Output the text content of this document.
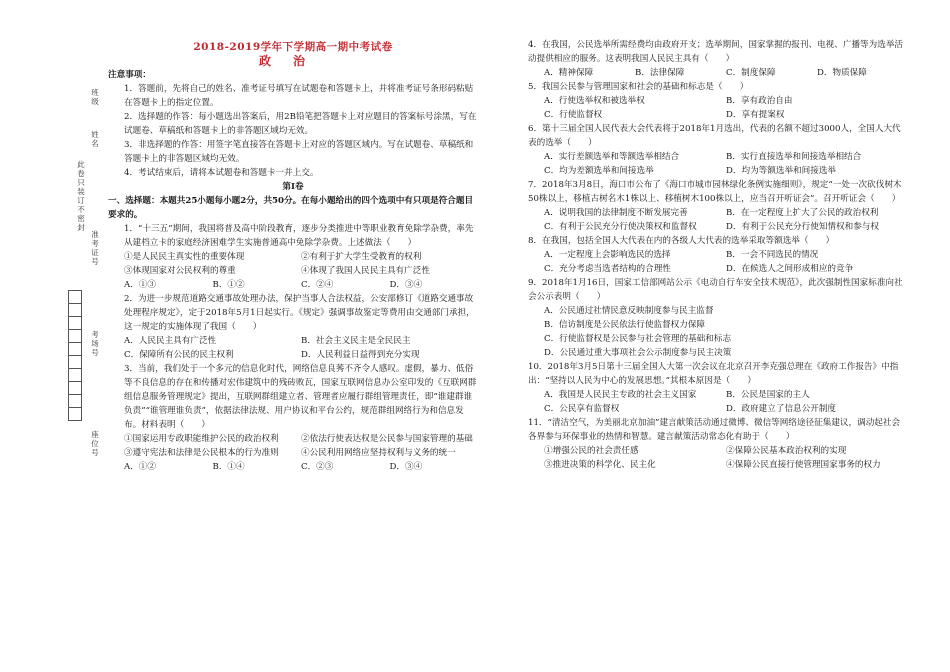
班级
姓名
此卷只装订不密封
准考证号
考场号
座位号

2018-2019学年下学期高一期中考试卷

政治

注意事项：

1．答题前，先将自己的姓名、准考证号填写在试题卷和答题卡上，并将准考证号条形码粘贴在答题卡上的指定位置。

2．选择题的作答：每小题选出答案后，用2B铅笔把答题卡上对应题目的答案标号涂黑，写在试题卷、草稿纸和答题卡上的非答题区域均无效。

3．非选择题的作答：用签字笔直接答在答题卡上对应的答题区域内。写在试题卷、草稿纸和答题卡上的非答题区域均无效。

4．考试结束后，请将本试题卷和答题卡一并上交。

第Ⅰ卷

一、选择题：本题共25小题每小题2分，共50分。在每小题给出的四个选项中有只项是符合题目要求的。

1．“十三五”期间，我国将普及高中阶段教育，逐步分类推进中等职业教育免除学杂费，率先从建档立卡的家庭经济困难学生实施普通高中免除学杂费。上述做法（　　）

①是人民民主真实性的重要体现	②有利于扩大学生受教育的权利
③体现国家对公民权利的尊重	④体现了我国人民民主具有广泛性
A．①③	B．①②	C．②④	D．③④

2．为进一步规范道路交通事故处理办法，保护当事人合法权益，公安部修订《道路交通事故处理程序规定》，定于2018年5月1日起实行。《规定》强调事故鉴定等费用由交通部门承担，这一规定的实施体现了我国（　　）

A．人民民主具有广泛性	B．社会主义民主是全民民主
C．保障所有公民的民主权利	D．人民利益日益得到充分实现

3．当前，我们处于一个多元的信息化时代，网络信息良莠不齐令人感叹。虚假，暴力、低俗等不良信息的存在和传播对宏伟建筑中的残砖败瓦，国家互联网信息办公室印发的《互联网群组信息服务管理规定》提出，互联网群组建立者、管理者应履行群组管理责任，即“谁建群谁负责”“谁管理谁负责”，依据法律法规、用户协议和平台公约，规范群组网络行为和信息发布。材料表明（　　）

①国家运用专政职能维护公民的政治权利	②依法行使表达权是公民参与国家管理的基础
③遵守宪法和法律是公民根本的行为准则	④公民利用网络应坚持权利与义务的统一
A．①②	B．①④	C．②③	D．③④

4．在我国，公民选举所需经费均由政府开支；选举期间，国家掌握的报刊、电视、广播等为选举活动提供相应的服务。这表明我国人民民主具有（　　）

A．精神保障	B．法律保障	C．制度保障	D．物质保障

5．我国公民参与管理国家和社会的基础和标志是（　　）

A．行使选举权和被选举权	B．享有政治自由
C．行使监督权	D．享有提案权

6．第十三届全国人民代表大会代表将于2018年1月选出，代表的名额不超过3000人，全国人大代表的选举（　　）

A．实行差额选举和等额选举相结合	B．实行直接选举和间接选举相结合
C．均为差额选举和间接选举	D．均为等额选举和间接选举

7．2018年3月8日，海口市公布了《海口市城市园林绿化条例实施细则》，规定“一处一次砍伐树木50株以上，移植古树名木1株以上、移植树木100株以上，应当召开听证会”。召开听证会（　　）

A．说明我国的法律制度不断发展完善	B．在一定程度上扩大了公民的政治权利
C．有利于公民充分行使决策权和监督权	D．有利于公民充分行使知情权和参与权

8．在我国，包括全国人大代表在内的各级人大代表的选举采取等额选举（　　）

A．一定程度上会影响选民的选择	B．一会不同选民的情况
C．充分考虑当选者结构的合理性	D．在候选人之间形成相应的竞争

9．2018年1月16日，国家工信部网站公示《电动自行车安全技术规范》，此次强制性国家标准向社会公示表明（　　）

A．公民通过社情民意反映制度参与民主监督

B．信访制度是公民依法行使监督权力保障

C．行使监督权是公民参与社会管理的基础和标志

D．公民通过重大事项社会公示制度参与民主决策

10．2018年3月5日第十三届全国人大第一次会议在北京召开李克强总理在《政府工作报告》中指出：“坚持以人民为中心的发展思想。”其根本原因是（　　）

A．我国是人民民主专政的社会主义国家	B．公民是国家的主人
C．公民享有监督权	D．政府建立了信息公开制度

11．“清洁空气，为美丽北京加油”建言献策活动通过微博、微信等网络途径征集建议，调动起社会各界参与环保事业的热情和智慧。建言献策活动常态化有助于（　　）

①增强公民的社会责任感	②保障公民基本政治权利的实现
③推进决策的科学化、民主化	④保障公民直接行使管理国家事务的权力
